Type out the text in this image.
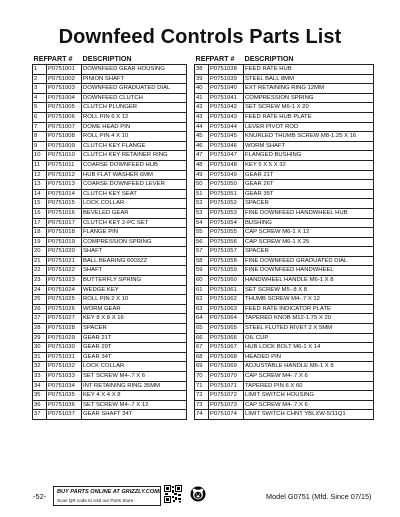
Downfeed Controls Parts List
REF	PART #	DESCRIPTION
1	P0751001	DOWNFEED GEAR HOUSING
2	P0751002	PINION SHAFT
3	P0751003	DOWNFEED GRADUATED DIAL
4	P0751004	DOWNFEED CLUTCH
5	P0751005	CLUTCH PLUNGER
6	P0751006	ROLL PIN 6 X 12
7	P0751007	DOME HEAD PIN
8	P0751008	ROLL PIN 4 X 10
9	P0751009	CLUTCH KEY FLANGE
10	P0751010	CLUTCH KEY RETAINER RING
11	P0751011	COARSE DOWNFEED HUB
12	P0751012	HUB FLAT WASHER 6MM
13	P0751013	COARSE DOWNFEED LEVER
14	P0751014	CLUTCH KEY SEAT
15	P0751015	LOCK COLLAR
16	P0751016	BEVELED GEAR
17	P0751017	CLUTCH KEY 2-PC SET
18	P0751018	FLANGE PIN
19	P0751019	COMPRESSION SPRING
20	P0751020	SHAFT
21	P0751021	BALL BEARING 6003ZZ
22	P0751022	SHAFT
23	P0751023	BUTTERFLY SPRING
24	P0751024	WEDGE KEY
25	P0751025	ROLL PIN 2 X 10
26	P0751026	WORM GEAR
27	P0751027	KEY 8 X 8 X 16
28	P0751028	SPACER
29	P0751029	GEAR 21T
30	P0751030	GEAR 29T
31	P0751031	GEAR 34T
32	P0751032	LOCK COLLAR
33	P0751033	SET SCREW M4-.7 X 6
34	P0751034	INT RETAINING RING 35MM
35	P0751035	KEY 4 X 4 X 8
36	P0751036	SET SCREW M4-.7 X 12
37	P0751037	GEAR SHAFT 34T
REF	PART #	DESCRIPTION
38	P0751038	FEED RATE HUB
39	P0751039	STEEL BALL 8MM
40	P0751040	EXT RETAINING RING 12MM
41	P0751041	COMPRESSION SPRING
42	P0751042	SET SCREW M6-1 X 20
43	P0751043	FEED RATE HUB PLATE
44	P0751044	LEVER PIVOT ROD
45	P0751045	KNURLED THUMB SCREW M8-1.25 X 16
46	P0751046	WORM SHAFT
47	P0751047	FLANGED BUSHING
48	P0751048	KEY 5 X 5 X 32
49	P0751049	GEAR 21T
50	P0751050	GEAR 26T
51	P0751051	GEAR 35T
52	P0751052	SPACER
53	P0751053	FINE DOWNFEED HANDWHEEL HUB
54	P0751054	BUSHING
55	P0751055	CAP SCREW M6-1 X 12
56	P0751056	CAP SCREW M6-1 X 25
57	P0751057	SPACER
58	P0751058	FINE DOWNFEED GRADUATED DIAL
59	P0751059	FINE DOWNFEED HANDWHEEL
60	P0751060	HANDWHEEL HANDLE M6-1 X 8
61	P0751061	SET SCREW M5-.8 X 8
62	P0751062	THUMB SCREW M4-.7 X 12
63	P0751063	FEED RATE INDICATOR PLATE
64	P0751064	TAPERED KNOB M12-1.75 X 20
65	P0751065	STEEL FLUTED RIVET 2 X 5MM
66	P0751066	OIL CUP
67	P0751067	HUB LOCK BOLT M6-1 X 14
68	P0751068	HEADED PIN
69	P0751069	ADJUSTABLE HANDLE M6-1 X 8
70	P0751070	CAP SCREW M4-.7 X 6
71	P0751071	TAPERED PIN 6 X 60
72	P0751072	LIMIT SWITCH HOUSING
73	P0751073	CAP SCREW M4-.7 X 6
74	P0751074	LIMIT SWITCH CHNT YBLXW-5/11Q1
-52- BUY PARTS ONLINE AT GRIZZLY.COM!
Scan QR code to visit our Parts Store.	Model G0751 (Mfd. Since 07/15)
